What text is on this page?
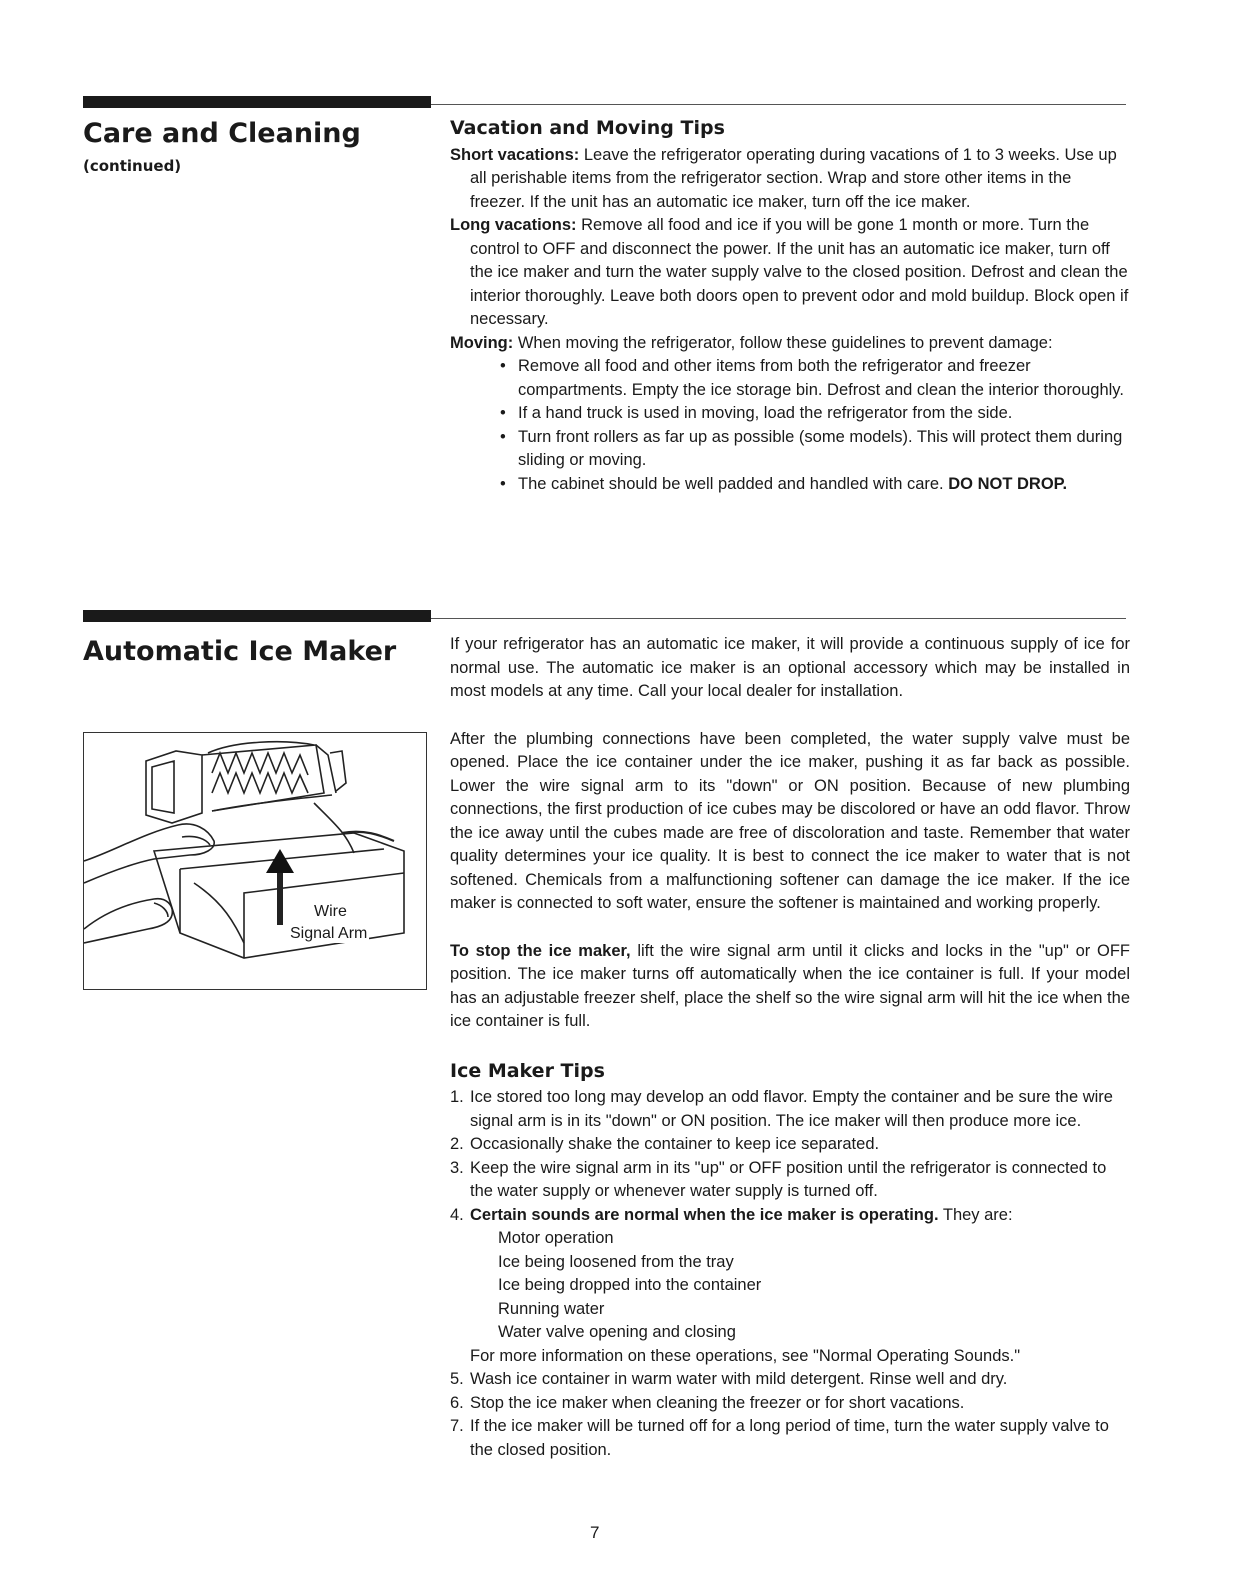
Care and Cleaning

(continued)

Vacation and Moving Tips

Short vacations: Leave the refrigerator operating during vacations of 1 to 3 weeks. Use up all perishable items from the refrigerator section. Wrap and store other items in the freezer. If the unit has an automatic ice maker, turn off the ice maker.

Long vacations: Remove all food and ice if you will be gone 1 month or more. Turn the control to OFF and disconnect the power. If the unit has an automatic ice maker, turn off the ice maker and turn the water supply valve to the closed position. Defrost and clean the interior thoroughly. Leave both doors open to prevent odor and mold buildup. Block open if necessary.

Moving: When moving the refrigerator, follow these guidelines to prevent damage:

• Remove all food and other items from both the refrigerator and freezer compartments. Empty the ice storage bin. Defrost and clean the interior thoroughly.
• If a hand truck is used in moving, load the refrigerator from the side.
• Turn front rollers as far up as possible (some models). This will protect them during sliding or moving.
• The cabinet should be well padded and handled with care. DO NOT DROP.
Automatic Ice Maker
Wire
Signal Arm

If your refrigerator has an automatic ice maker, it will provide a continuous supply of ice for normal use. The automatic ice maker is an optional accessory which may be installed in most models at any time. Call your local dealer for installation.

After the plumbing connections have been completed, the water supply valve must be opened. Place the ice container under the ice maker, pushing it as far back as possible. Lower the wire signal arm to its "down" or ON position. Because of new plumbing connections, the first production of ice cubes may be discolored or have an odd flavor. Throw the ice away until the cubes made are free of discoloration and taste. Remember that water quality determines your ice quality. It is best to connect the ice maker to water that is not softened. Chemicals from a malfunctioning softener can damage the ice maker. If the ice maker is connected to soft water, ensure the softener is maintained and working properly.

To stop the ice maker, lift the wire signal arm until it clicks and locks in the "up" or OFF position. The ice maker turns off automatically when the ice container is full. If your model has an adjustable freezer shelf, place the shelf so the wire signal arm will hit the ice when the ice container is full.

Ice Maker Tips
1. Ice stored too long may develop an odd flavor. Empty the container and be sure the wire signal arm is in its "down" or ON position. The ice maker will then produce more ice.
2. Occasionally shake the container to keep ice separated.
3. Keep the wire signal arm in its "up" or OFF position until the refrigerator is connected to the water supply or whenever water supply is turned off.
4. Certain sounds are normal when the ice maker is operating. They are:
Motor operation
Ice being loosened from the tray
Ice being dropped into the container
Running water
Water valve opening and closing

For more information on these operations, see "Normal Operating Sounds."

5. Wash ice container in warm water with mild detergent. Rinse well and dry.
6. Stop the ice maker when cleaning the freezer or for short vacations.
7. If the ice maker will be turned off for a long period of time, turn the water supply valve to the closed position.
7
